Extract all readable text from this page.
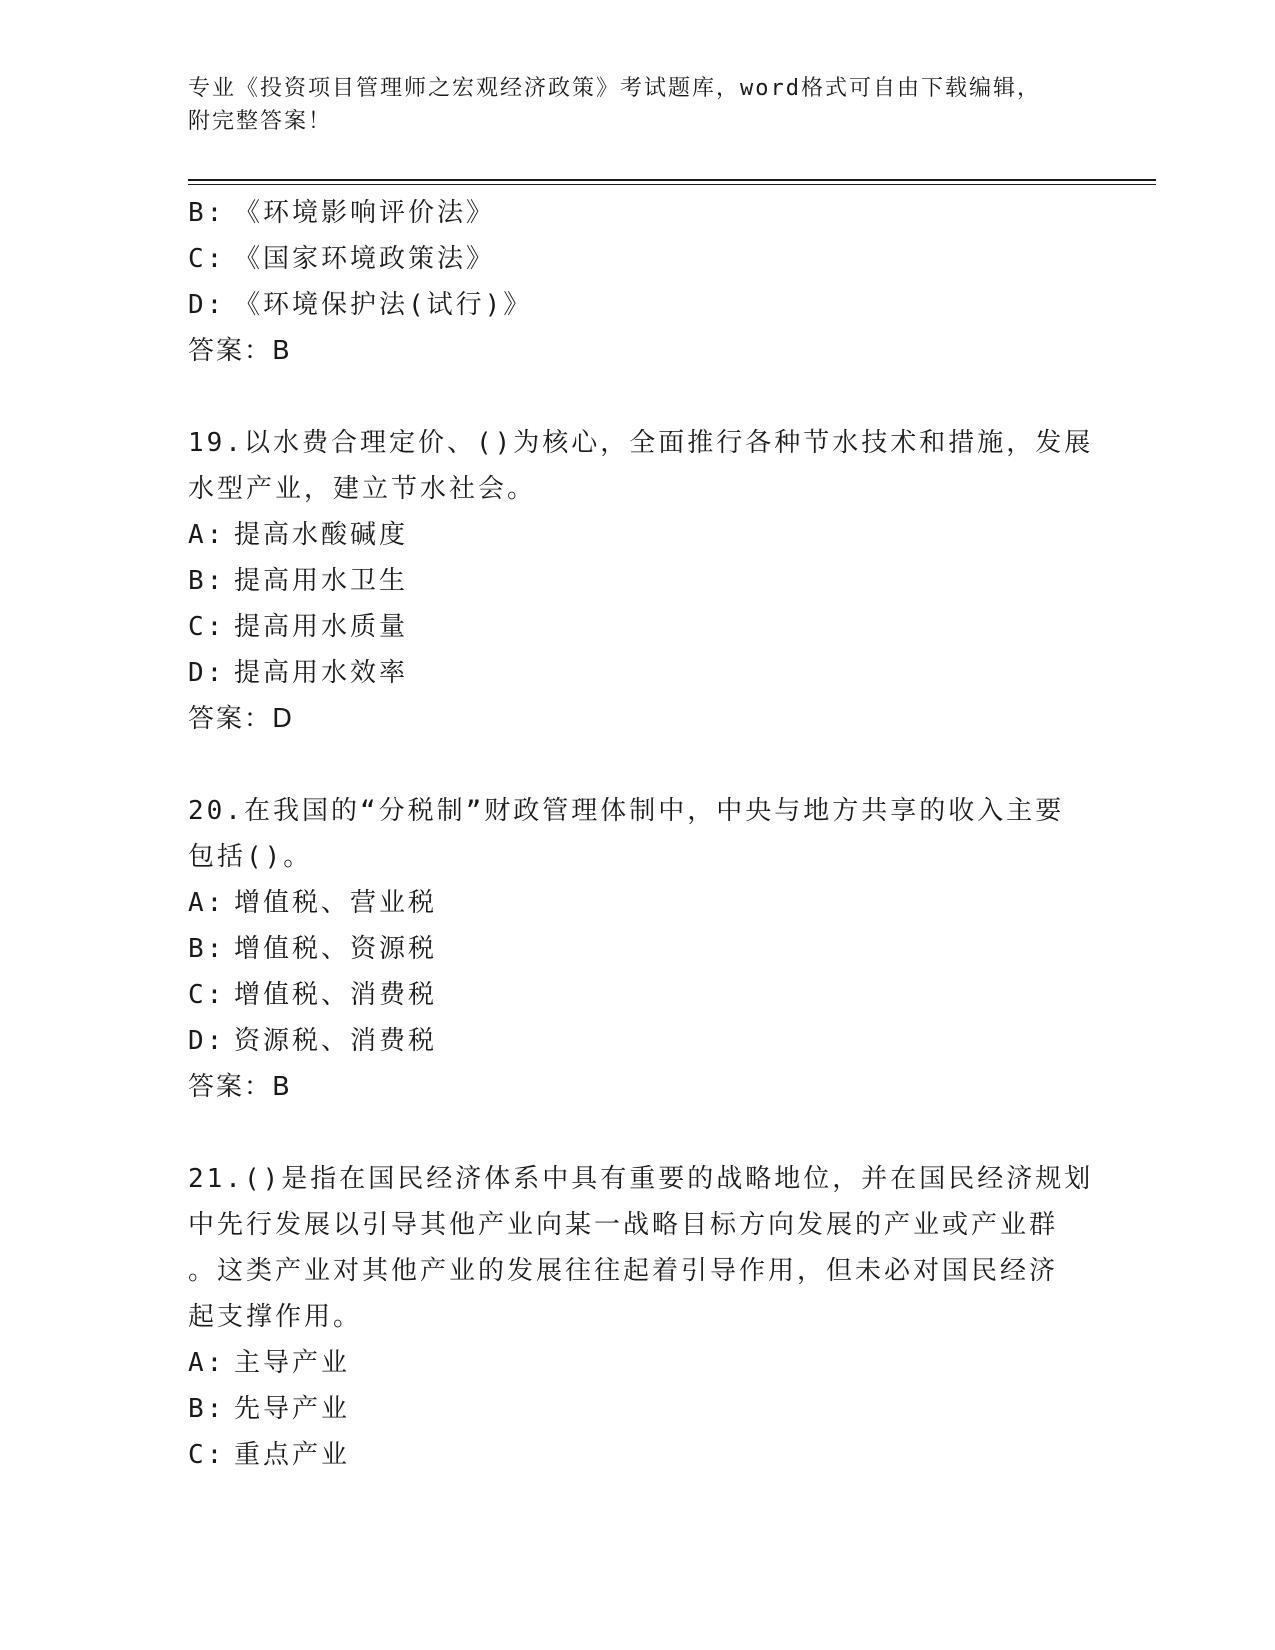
专业《投资项目管理师之宏观经济政策》考试题库，word格式可自由下载编辑，
附完整答案！
B: 《环境影响评价法》
C: 《国家环境政策法》
D: 《环境保护法(试行)》
答案：B
19.以水费合理定价、()为核心，全面推行各种节水技术和措施，发展
水型产业，建立节水社会。
A: 提高水酸碱度
B: 提高用水卫生
C: 提高用水质量
D: 提高用水效率
答案：D
20.在我国的“分税制”财政管理体制中，中央与地方共享的收入主要
包括()。
A: 增值税、营业税
B: 增值税、资源税
C: 增值税、消费税
D: 资源税、消费税
答案：B
21.()是指在国民经济体系中具有重要的战略地位，并在国民经济规划
中先行发展以引导其他产业向某一战略目标方向发展的产业或产业群
。这类产业对其他产业的发展往往起着引导作用，但未必对国民经济
起支撑作用。
A: 主导产业
B: 先导产业
C: 重点产业
